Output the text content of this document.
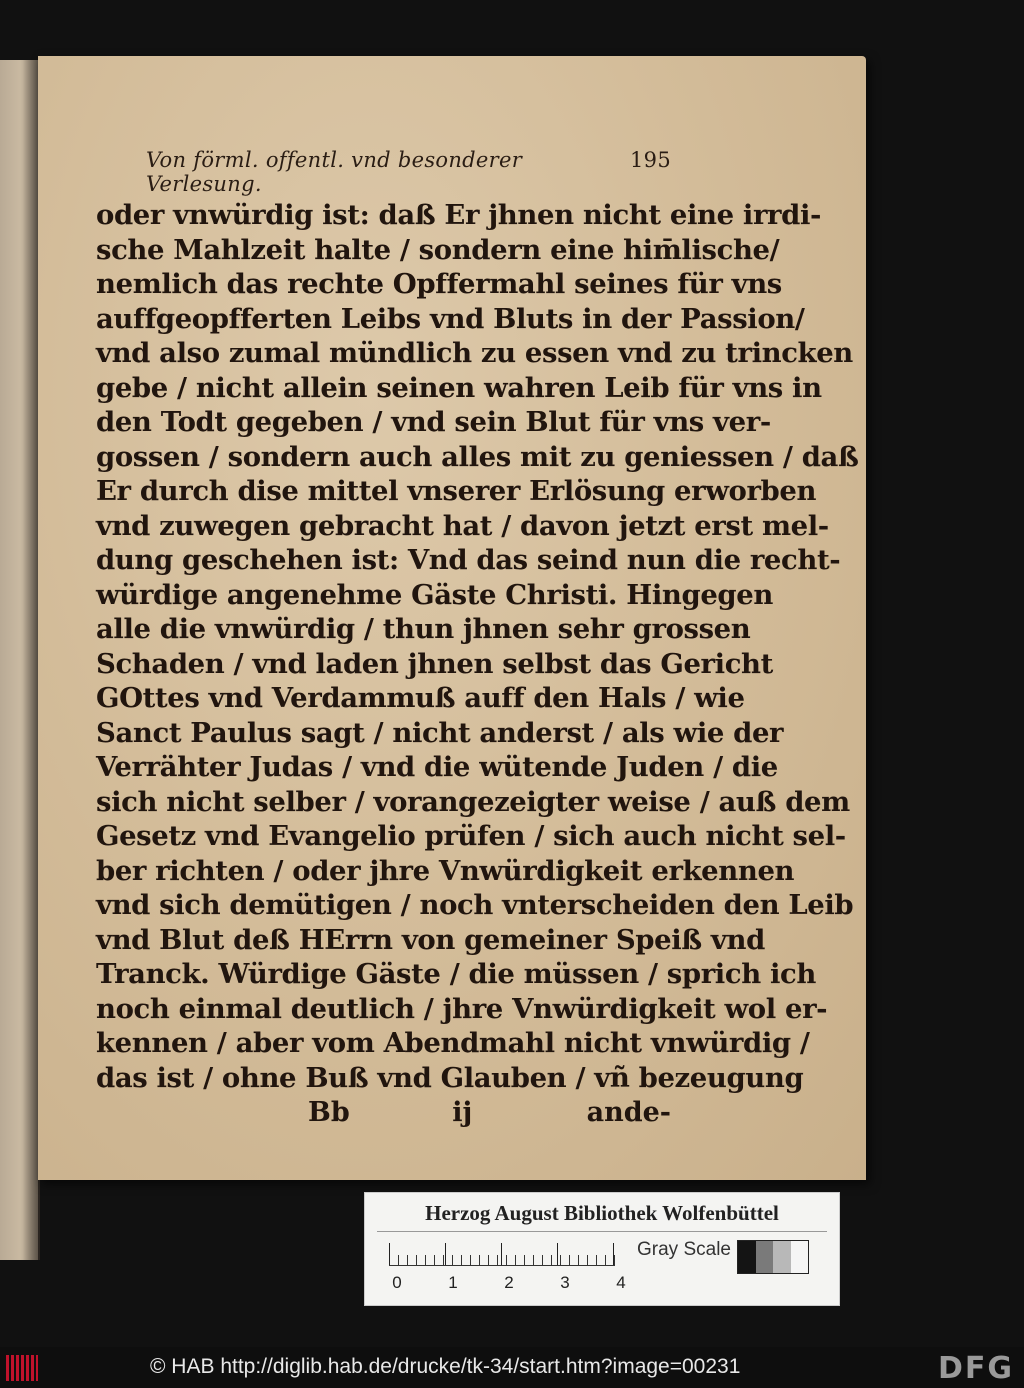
Von förml. offentl. vnd besonderer Verlesung.
195
oder vnwürdig ist: daß Er jhnen nicht eine irrdi-
sche Mahlzeit halte / sondern eine him̄lische/
nemlich das rechte Opffermahl seines für vns
auffgeopfferten Leibs vnd Bluts in der Passion/
vnd also zumal mündlich zu essen vnd zu trincken
gebe / nicht allein seinen wahren Leib für vns in
den Todt gegeben / vnd sein Blut für vns ver-
gossen / sondern auch alles mit zu geniessen / daß
Er durch dise mittel vnserer Erlösung erworben
vnd zuwegen gebracht hat / davon jetzt erst mel-
dung geschehen ist: Vnd das seind nun die recht-
würdige angenehme Gäste Christi. Hingegen
alle die vnwürdig / thun jhnen sehr grossen
Schaden / vnd laden jhnen selbst das Gericht
GOttes vnd Verdammuß auff den Hals / wie
Sanct Paulus sagt / nicht anderst / als wie der
Verrähter Judas / vnd die wütende Juden / die
sich nicht selber / vorangezeigter weise / auß dem
Gesetz vnd Evangelio prüfen / sich auch nicht sel-
ber richten / oder jhre Vnwürdigkeit erkennen
vnd sich demütigen / noch vnterscheiden den Leib
vnd Blut deß HErrn von gemeiner Speiß vnd
Tranck. Würdige Gäste / die müssen / sprich ich
noch einmal deutlich / jhre Vnwürdigkeit wol er-
kennen / aber vom Abendmahl nicht vnwürdig /
das ist / ohne Buß vnd Glauben / vñ bezeugung
Bb	ij	ande-
Herzog August Bibliothek Wolfenbüttel
0	1	2	3	4
Gray Scale
© HAB http://diglib.hab.de/drucke/tk-34/start.htm?image=00231	DFG
